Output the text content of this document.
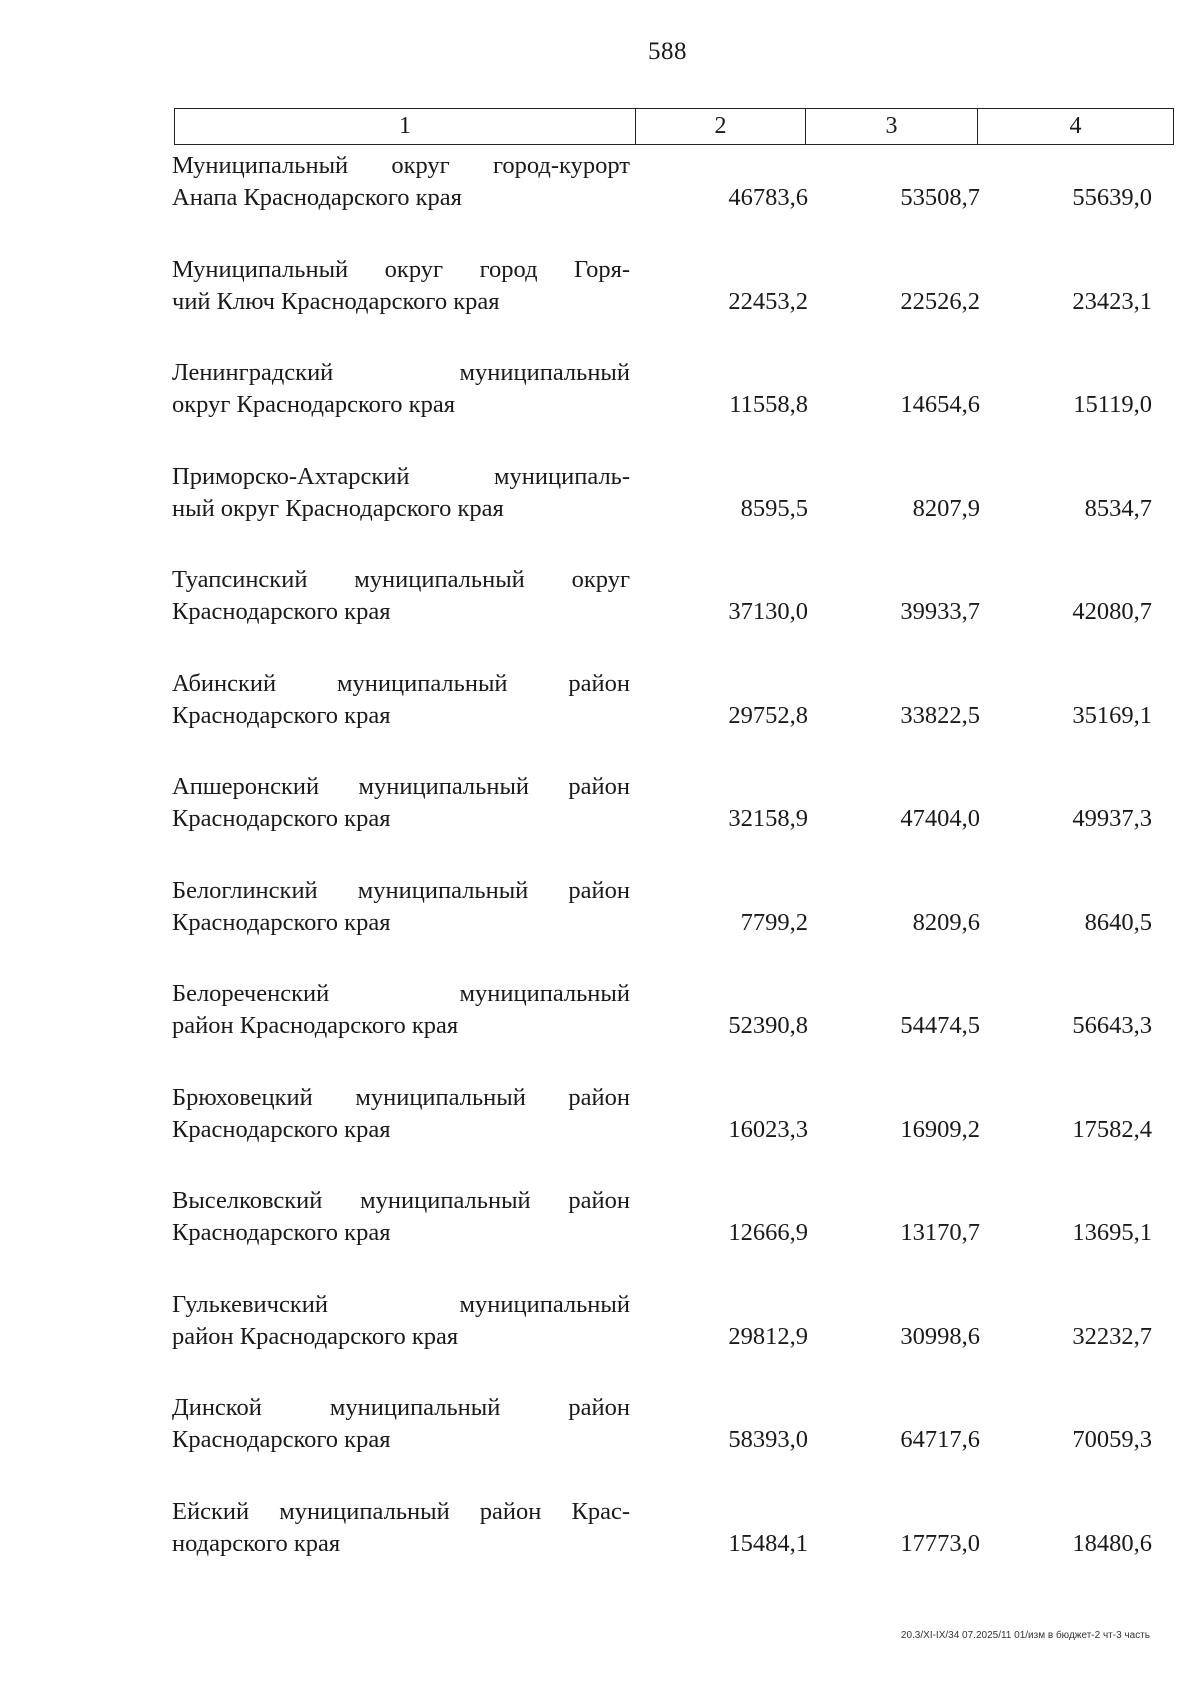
588
1	2	3	4
Муниципальный округ город-курорт
Анапа Краснодарского края	46783,6	53508,7	55639,0
Муниципальный округ город Горя-
чий Ключ Краснодарского края	22453,2	22526,2	23423,1
Ленинградский муниципальный
округ Краснодарского края	11558,8	14654,6	15119,0
Приморско-Ахтарский муниципаль-
ный округ Краснодарского края	8595,5	8207,9	8534,7
Туапсинский муниципальный округ
Краснодарского края	37130,0	39933,7	42080,7
Абинский муниципальный район
Краснодарского края	29752,8	33822,5	35169,1
Апшеронский муниципальный район
Краснодарского края	32158,9	47404,0	49937,3
Белоглинский муниципальный район
Краснодарского края	7799,2	8209,6	8640,5
Белореченский муниципальный
район Краснодарского края	52390,8	54474,5	56643,3
Брюховецкий муниципальный район
Краснодарского края	16023,3	16909,2	17582,4
Выселковский муниципальный район
Краснодарского края	12666,9	13170,7	13695,1
Гулькевичский муниципальный
район Краснодарского края	29812,9	30998,6	32232,7
Динской муниципальный район
Краснодарского края	58393,0	64717,6	70059,3
Ейский муниципальный район Крас-
нодарского края	15484,1	17773,0	18480,6
20.3/XI-IX/34 07.2025/11 01/изм в бюджет-2 чт-3 часть
